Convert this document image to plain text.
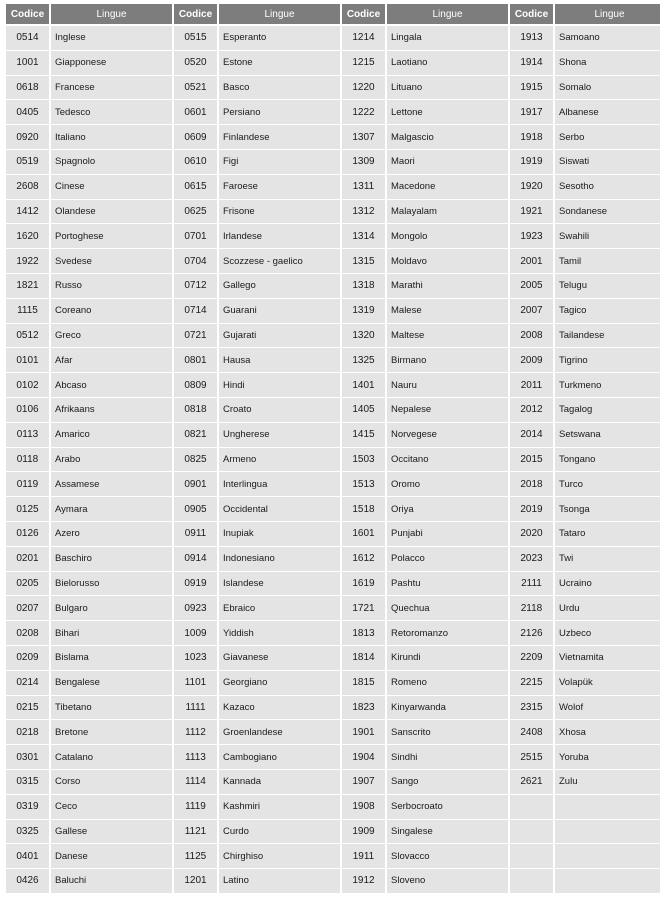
Codice	Lingue	Codice	Lingue	Codice	Lingue	Codice	Lingue
0514	Inglese	0515	Esperanto	1214	Lingala	1913	Samoano
1001	Giapponese	0520	Estone	1215	Laotiano	1914	Shona
0618	Francese	0521	Basco	1220	Lituano	1915	Somalo
0405	Tedesco	0601	Persiano	1222	Lettone	1917	Albanese
0920	Italiano	0609	Finlandese	1307	Malgascio	1918	Serbo
0519	Spagnolo	0610	Figi	1309	Maori	1919	Siswati
2608	Cinese	0615	Faroese	1311	Macedone	1920	Sesotho
1412	Olandese	0625	Frisone	1312	Malayalam	1921	Sondanese
1620	Portoghese	0701	Irlandese	1314	Mongolo	1923	Swahili
1922	Svedese	0704	Scozzese - gaelico	1315	Moldavo	2001	Tamil
1821	Russo	0712	Gallego	1318	Marathi	2005	Telugu
1115	Coreano	0714	Guarani	1319	Malese	2007	Tagico
0512	Greco	0721	Gujarati	1320	Maltese	2008	Tailandese
0101	Afar	0801	Hausa	1325	Birmano	2009	Tigrino
0102	Abcaso	0809	Hindi	1401	Nauru	2011	Turkmeno
0106	Afrikaans	0818	Croato	1405	Nepalese	2012	Tagalog
0113	Amarico	0821	Ungherese	1415	Norvegese	2014	Setswana
0118	Arabo	0825	Armeno	1503	Occitano	2015	Tongano
0119	Assamese	0901	Interlingua	1513	Oromo	2018	Turco
0125	Aymara	0905	Occidental	1518	Oriya	2019	Tsonga
0126	Azero	0911	Inupiak	1601	Punjabi	2020	Tataro
0201	Baschiro	0914	Indonesiano	1612	Polacco	2023	Twi
0205	Bielorusso	0919	Islandese	1619	Pashtu	2111	Ucraino
0207	Bulgaro	0923	Ebraico	1721	Quechua	2118	Urdu
0208	Bihari	1009	Yiddish	1813	Retoromanzo	2126	Uzbeco
0209	Bislama	1023	Giavanese	1814	Kirundi	2209	Vietnamita
0214	Bengalese	1101	Georgiano	1815	Romeno	2215	Volapük
0215	Tibetano	1111	Kazaco	1823	Kinyarwanda	2315	Wolof
0218	Bretone	1112	Groenlandese	1901	Sanscrito	2408	Xhosa
0301	Catalano	1113	Cambogiano	1904	Sindhi	2515	Yoruba
0315	Corso	1114	Kannada	1907	Sango	2621	Zulu
0319	Ceco	1119	Kashmiri	1908	Serbocroato		
0325	Gallese	1121	Curdo	1909	Singalese		
0401	Danese	1125	Chirghiso	1911	Slovacco		
0426	Baluchi	1201	Latino	1912	Sloveno		
